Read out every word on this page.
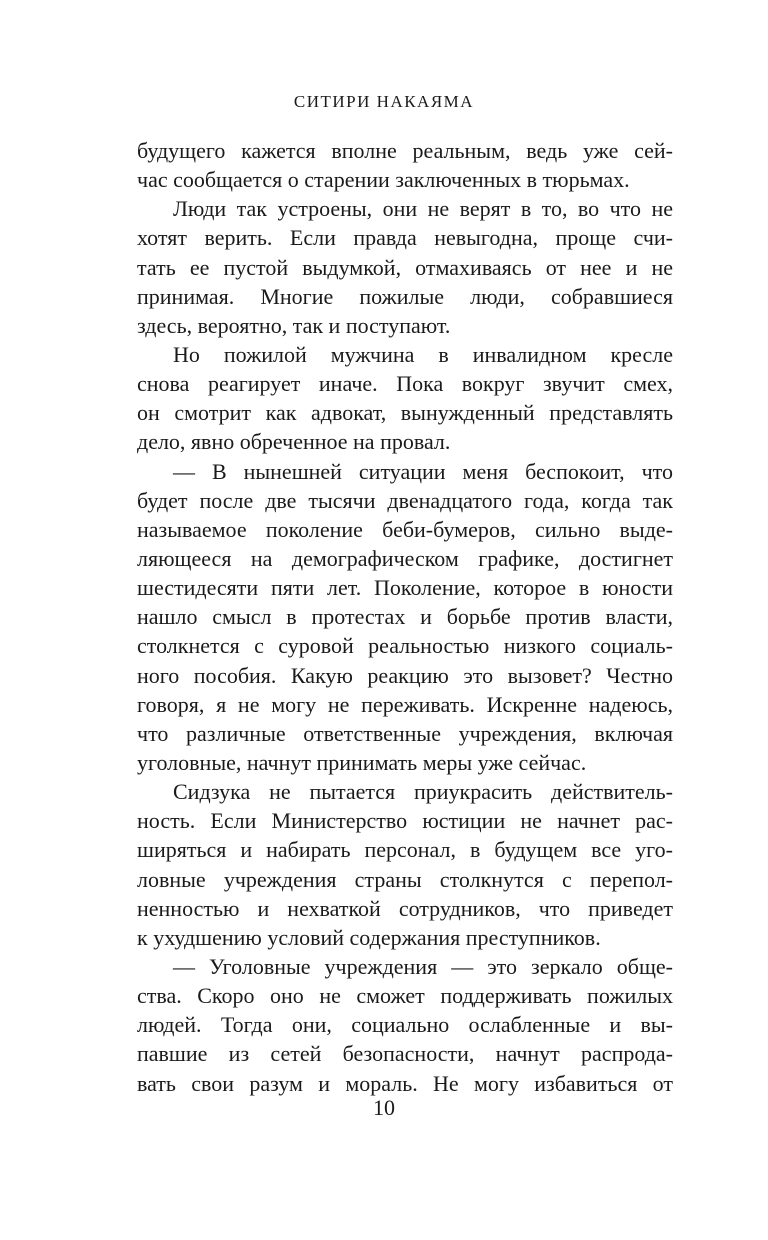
СИТИРИ НАКАЯМА
будущего кажется вполне реальным, ведь уже сей-
час сообщается о старении заключенных в тюрьмах.
Люди так устроены, они не верят в то, во что не
хотят верить. Если правда невыгодна, проще счи-
тать ее пустой выдумкой, отмахиваясь от нее и не
принимая. Многие пожилые люди, собравшиеся
здесь, вероятно, так и поступают.
Но пожилой мужчина в инвалидном кресле
снова реагирует иначе. Пока вокруг звучит смех,
он смотрит как адвокат, вынужденный представлять
дело, явно обреченное на провал.
— В нынешней ситуации меня беспокоит, что
будет после две тысячи двенадцатого года, когда так
называемое поколение беби-бумеров, сильно выде-
ляющееся на демографическом графике, достигнет
шестидесяти пяти лет. Поколение, которое в юности
нашло смысл в протестах и борьбе против власти,
столкнется с суровой реальностью низкого социаль-
ного пособия. Какую реакцию это вызовет? Честно
говоря, я не могу не переживать. Искренне надеюсь,
что различные ответственные учреждения, включая
уголовные, начнут принимать меры уже сейчас.
Сидзука не пытается приукрасить действитель-
ность. Если Министерство юстиции не начнет рас-
ширяться и набирать персонал, в будущем все уго-
ловные учреждения страны столкнутся с перепол-
ненностью и нехваткой сотрудников, что приведет
к ухудшению условий содержания преступников.
— Уголовные учреждения — это зеркало обще-
ства. Скоро оно не сможет поддерживать пожилых
людей. Тогда они, социально ослабленные и вы-
павшие из сетей безопасности, начнут распрода-
вать свои разум и мораль. Не могу избавиться от
10
